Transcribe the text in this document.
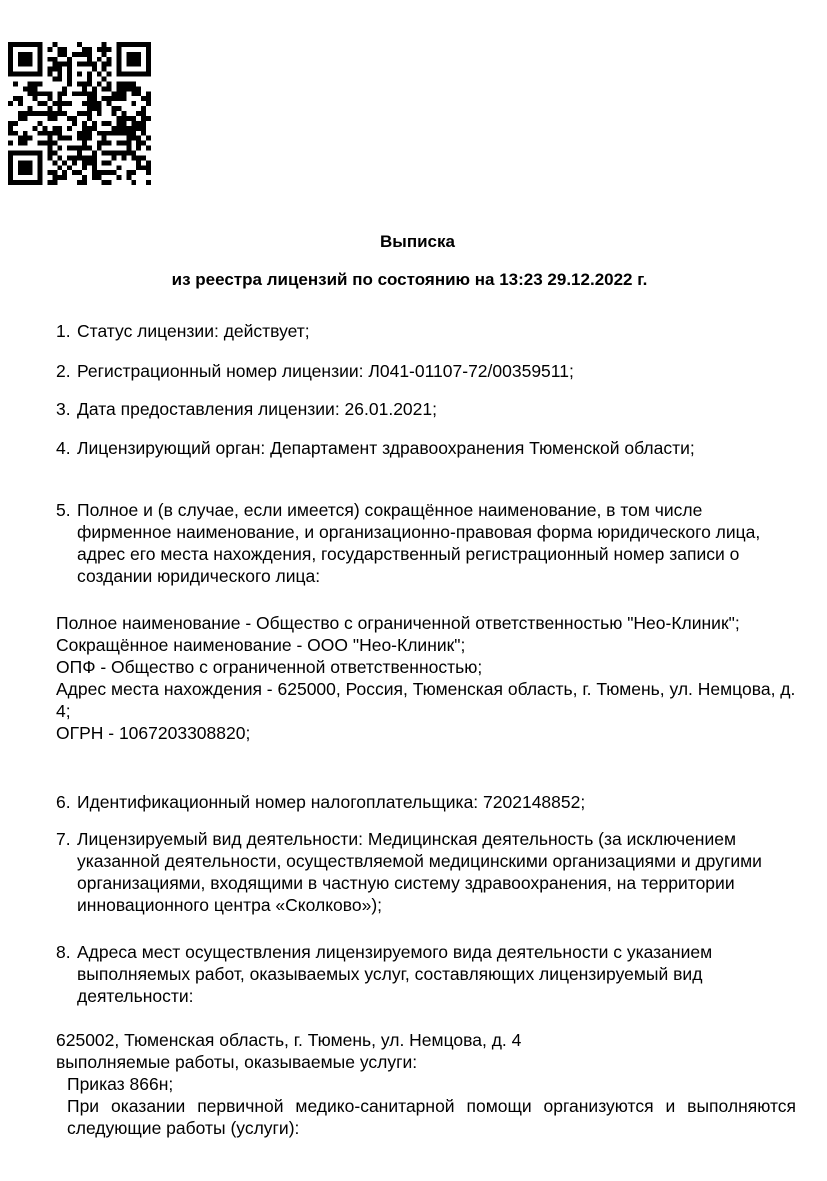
Выписка
из реестра лицензий по состоянию на 13:23 29.12.2022 г.
1. Статус лицензии: действует;
2. Регистрационный номер лицензии: Л041-01107-72/00359511;
3. Дата предоставления лицензии: 26.01.2021;
4. Лицензирующий орган: Департамент здравоохранения Тюменской области;
5. Полное и (в случае, если имеется) сокращённое наименование, в том числе фирменное наименование, и организационно-правовая форма юридического лица, адрес его места нахождения, государственный регистрационный номер записи о создании юридического лица:
Полное наименование - Общество с ограниченной ответственностью "Нео-Клиник";
Сокращённое наименование - ООО "Нео-Клиник";
ОПФ - Общество с ограниченной ответственностью;
Адрес места нахождения - 625000, Россия, Тюменская область, г. Тюмень, ул. Немцова, д. 4;
ОГРН - 1067203308820;
6. Идентификационный номер налогоплательщика: 7202148852;
7. Лицензируемый вид деятельности: Медицинская деятельность (за исключением указанной деятельности, осуществляемой медицинскими организациями и другими организациями, входящими в частную систему здравоохранения, на территории инновационного центра «Сколково»);
8. Адреса мест осуществления лицензируемого вида деятельности с указанием выполняемых работ, оказываемых услуг, составляющих лицензируемый вид деятельности:
625002, Тюменская область, г. Тюмень, ул. Немцова, д. 4
выполняемые работы, оказываемые услуги:
Приказ 866н;
При оказании первичной медико-санитарной помощи организуются и выполняются следующие работы (услуги):
